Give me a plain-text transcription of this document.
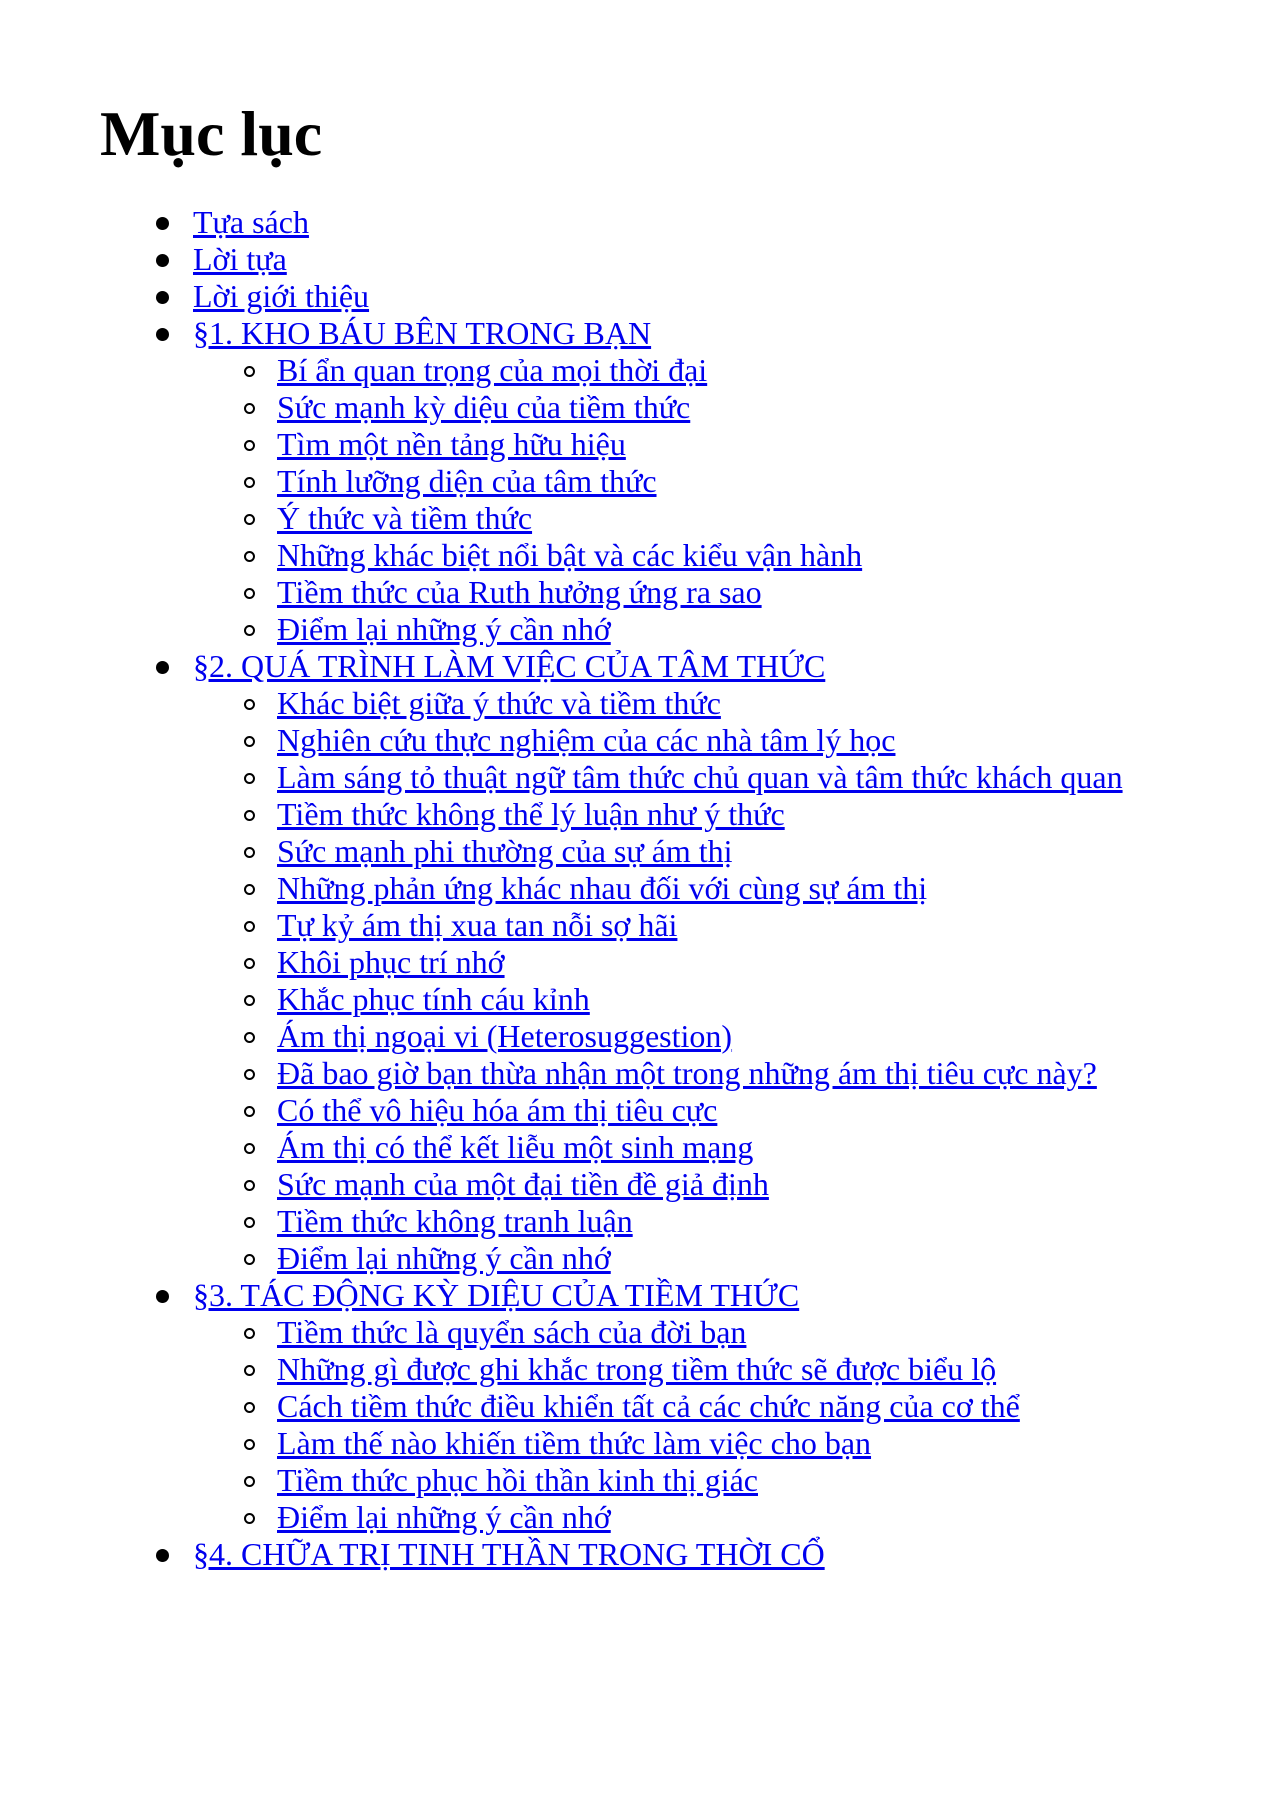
Mục lục
Tựa sách
Lời tựa
Lời giới thiệu
§1. KHO BÁU BÊN TRONG BẠN
Bí ẩn quan trọng của mọi thời đại
Sức mạnh kỳ diệu của tiềm thức
Tìm một nền tảng hữu hiệu
Tính lưỡng diện của tâm thức
Ý thức và tiềm thức
Những khác biệt nổi bật và các kiểu vận hành
Tiềm thức của Ruth hưởng ứng ra sao
Điểm lại những ý cần nhớ
§2. QUÁ TRÌNH LÀM VIỆC CỦA TÂM THỨC
Khác biệt giữa ý thức và tiềm thức
Nghiên cứu thực nghiệm của các nhà tâm lý học
Làm sáng tỏ thuật ngữ tâm thức chủ quan và tâm thức khách quan
Tiềm thức không thể lý luận như ý thức
Sức mạnh phi thường của sự ám thị
Những phản ứng khác nhau đối với cùng sự ám thị
Tự kỷ ám thị xua tan nỗi sợ hãi
Khôi phục trí nhớ
Khắc phục tính cáu kỉnh
Ám thị ngoại vi (Heterosuggestion)
Đã bao giờ bạn thừa nhận một trong những ám thị tiêu cực này?
Có thể vô hiệu hóa ám thị tiêu cực
Ám thị có thể kết liễu một sinh mạng
Sức mạnh của một đại tiền đề giả định
Tiềm thức không tranh luận
Điểm lại những ý cần nhớ
§3. TÁC ĐỘNG KỲ DIỆU CỦA TIỀM THỨC
Tiềm thức là quyển sách của đời bạn
Những gì được ghi khắc trong tiềm thức sẽ được biểu lộ
Cách tiềm thức điều khiển tất cả các chức năng của cơ thể
Làm thế nào khiến tiềm thức làm việc cho bạn
Tiềm thức phục hồi thần kinh thị giác
Điểm lại những ý cần nhớ
§4. CHỮA TRỊ TINH THẦN TRONG THỜI CỔ
